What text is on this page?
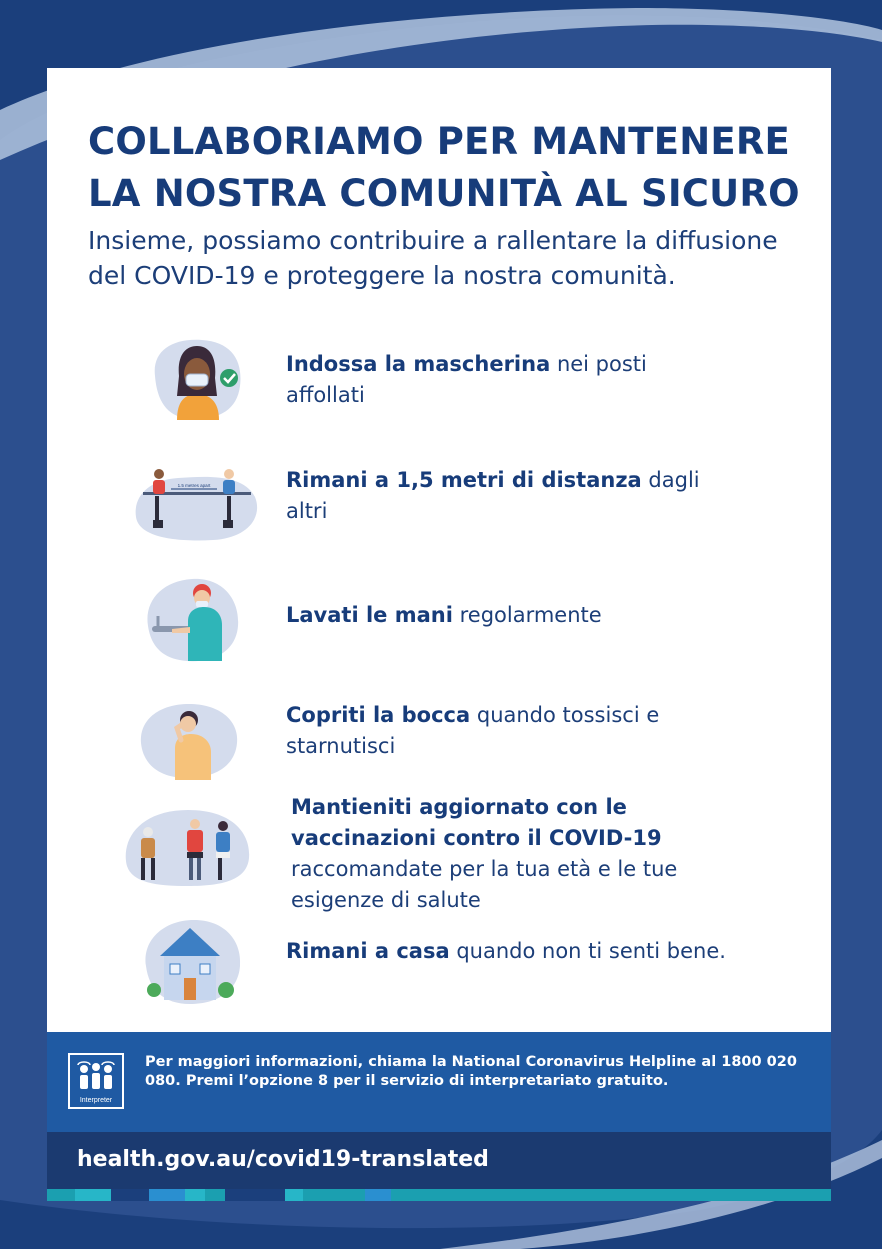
COLLABORIAMO PER MANTENERE LA NOSTRA COMUNITÀ AL SICURO

Insieme, possiamo contribuire a rallentare la diffusione del COVID-19 e proteggere la nostra comunità.

Indossa la mascherina nei posti affollati

1.5 metres apart	Rimani a 1,5 metri di distanza dagli altri

Lavati le mani regolarmente

Copriti la bocca quando tossisci e starnutisci

Mantieniti aggiornato con le vaccinazioni contro il COVID-19 raccomandate per la tua età e le tue esigenze di salute

Rimani a casa quando non ti senti bene.

Interpreter

Per maggiori informazioni, chiama la National Coronavirus Helpline al 1800 020 080. Premi l’opzione 8 per il servizio di interpretariato gratuito.

health.gov.au/covid19-translated
